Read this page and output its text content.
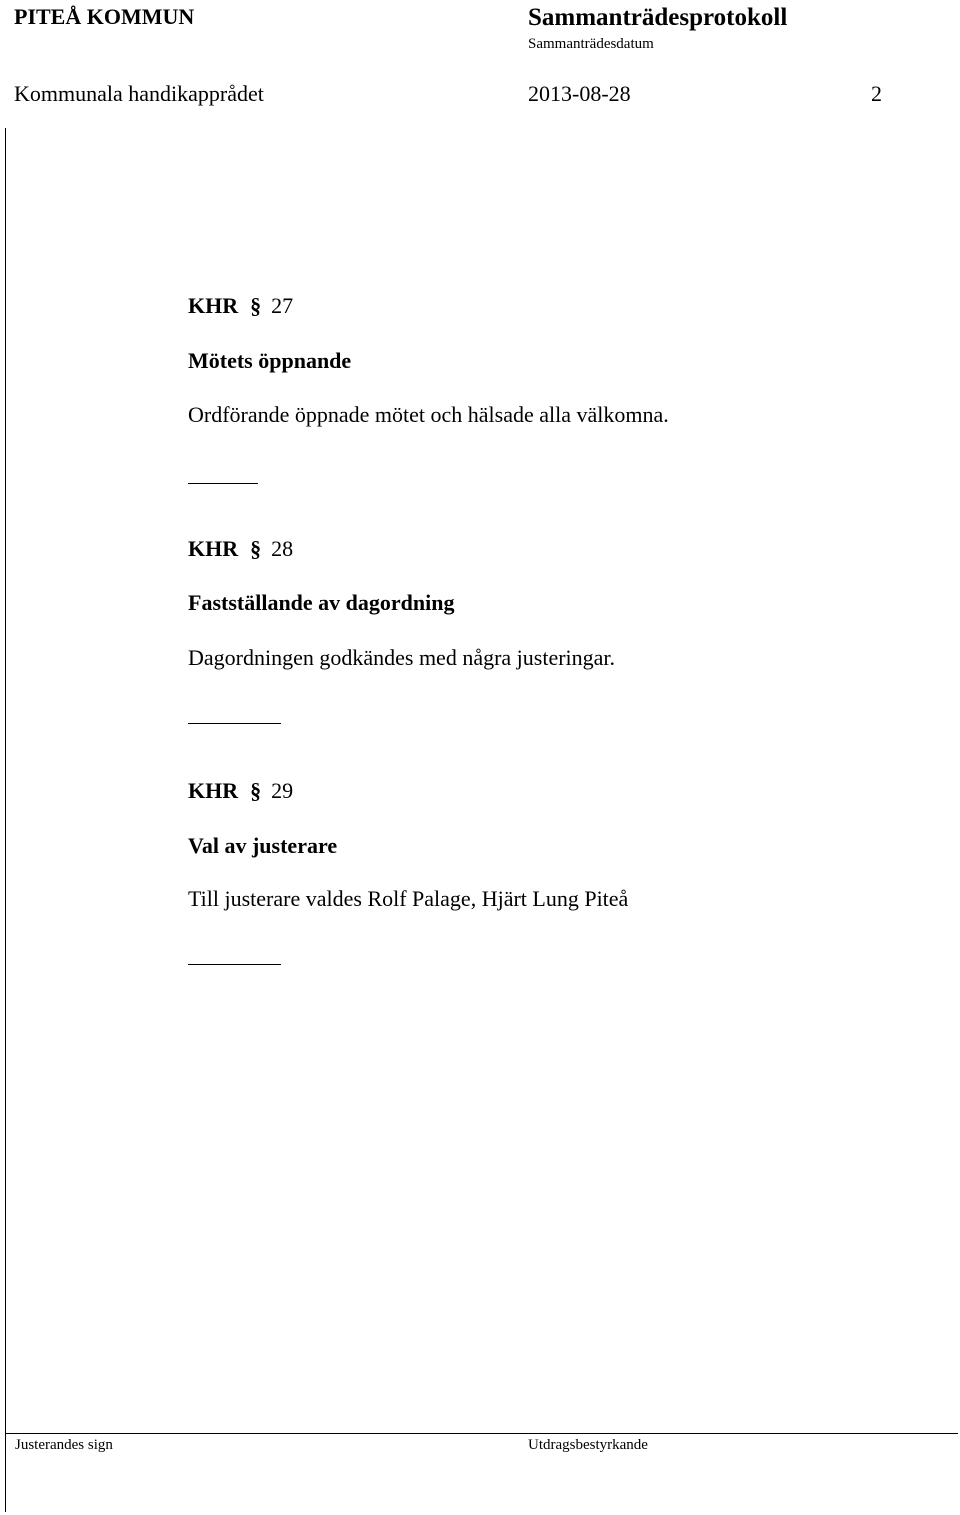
PITEÅ KOMMUN	Sammanträdesprotokoll
Sammanträdesdatum
Kommunala handikapprådet	2013-08-28	2
KHR § 27
Mötets öppnande
Ordförande öppnade mötet och hälsade alla välkomna.
KHR § 28
Fastställande av dagordning
Dagordningen godkändes med några justeringar.
KHR § 29
Val av justerare
Till justerare valdes Rolf Palage, Hjärt Lung Piteå
Justerandes sign	Utdragsbestyrkande
